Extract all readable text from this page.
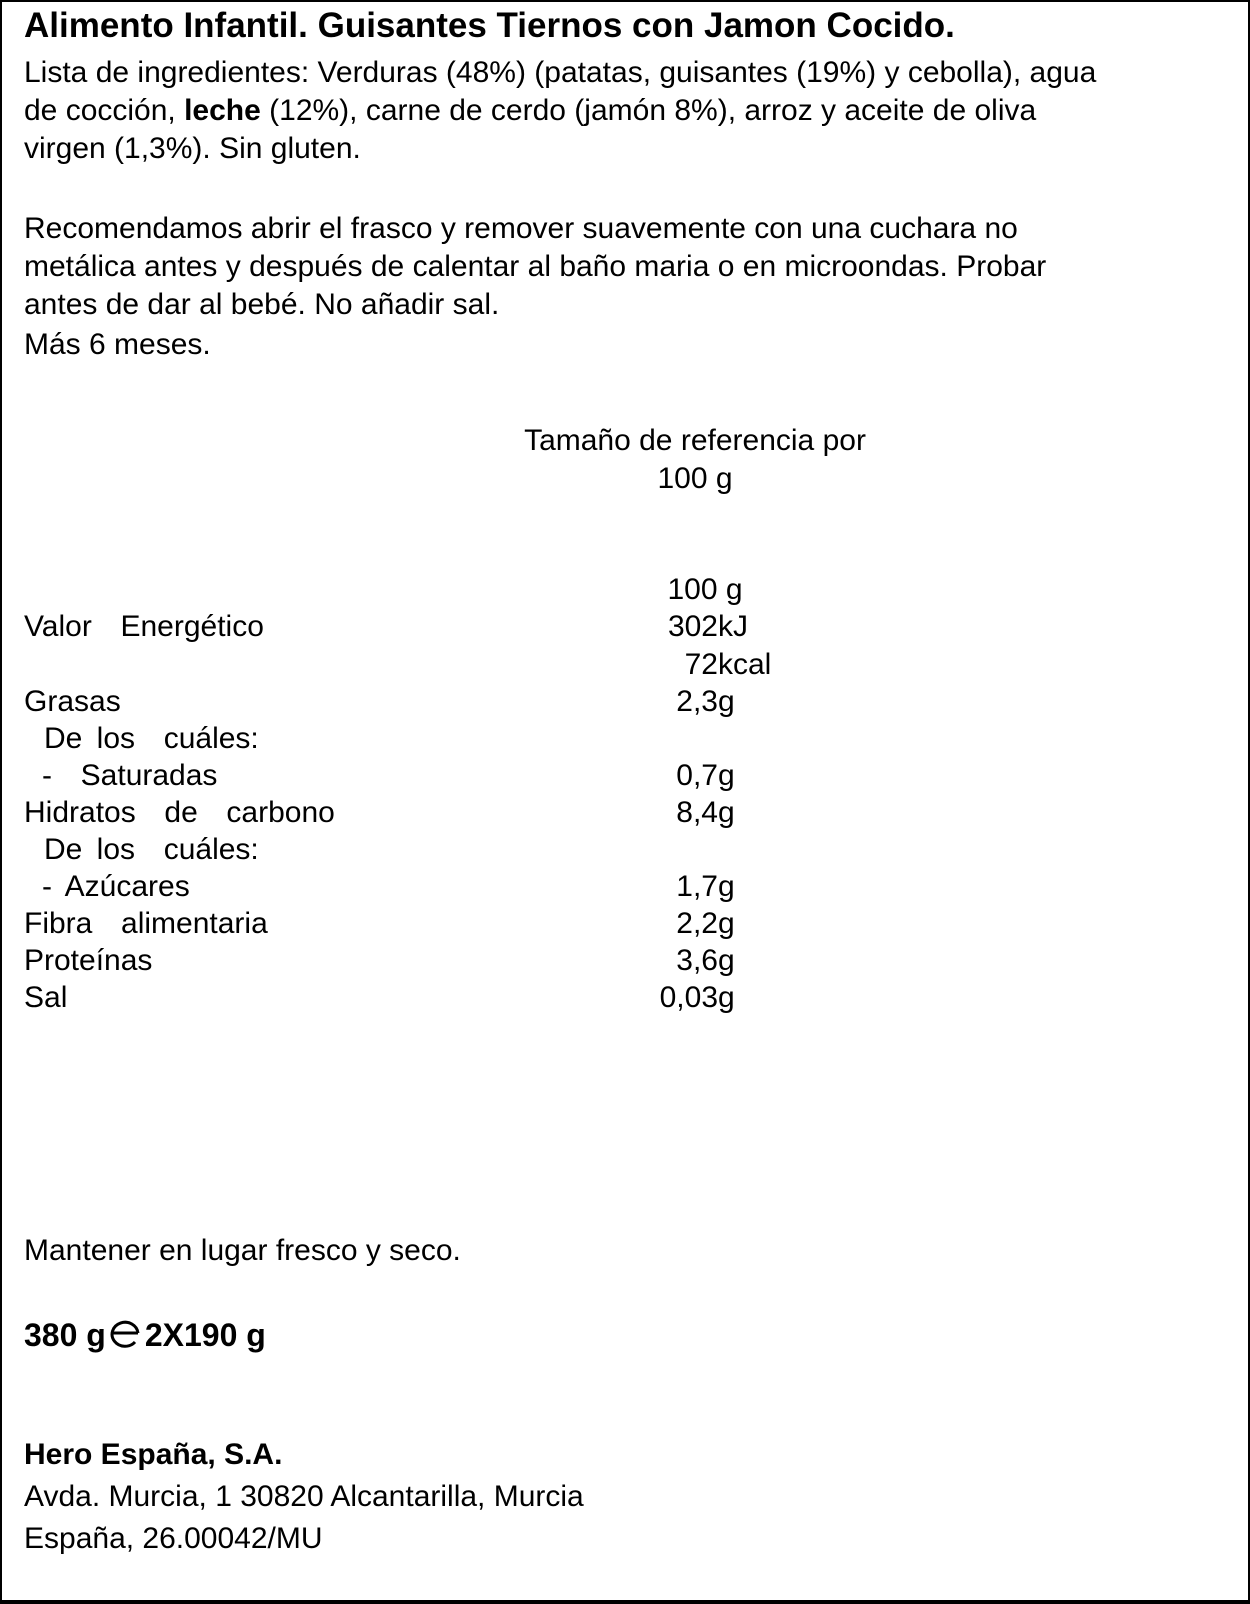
Alimento Infantil. Guisantes Tiernos con Jamon Cocido.
Lista de ingredientes: Verduras (48%) (patatas, guisantes (19%) y cebolla), agua
de cocción, leche (12%), carne de cerdo (jamón 8%), arroz y aceite de oliva
virgen (1,3%). Sin gluten.
Recomendamos abrir el frasco y remover suavemente con una cuchara no
metálica antes y después de calentar al baño maria o en microondas. Probar
antes de dar al bebé. No añadir sal.
Más 6 meses.
Tamaño de referencia por
100 g
100 g
Valor  Energético	302 kJ
72 kcal
Grasas	2,3 g
De los  cuáles:
-  Saturadas	0,7 g
Hidratos  de  carbono	8,4 g
De los  cuáles:
- Azúcares	1,7 g
Fibra  alimentaria	2,2 g
Proteínas	3,6 g
Sal	0,03 g
Mantener en lugar fresco y seco.
380 g 2X190 g
Hero España, S.A.
Avda. Murcia, 1 30820 Alcantarilla, Murcia
España, 26.00042/MU
